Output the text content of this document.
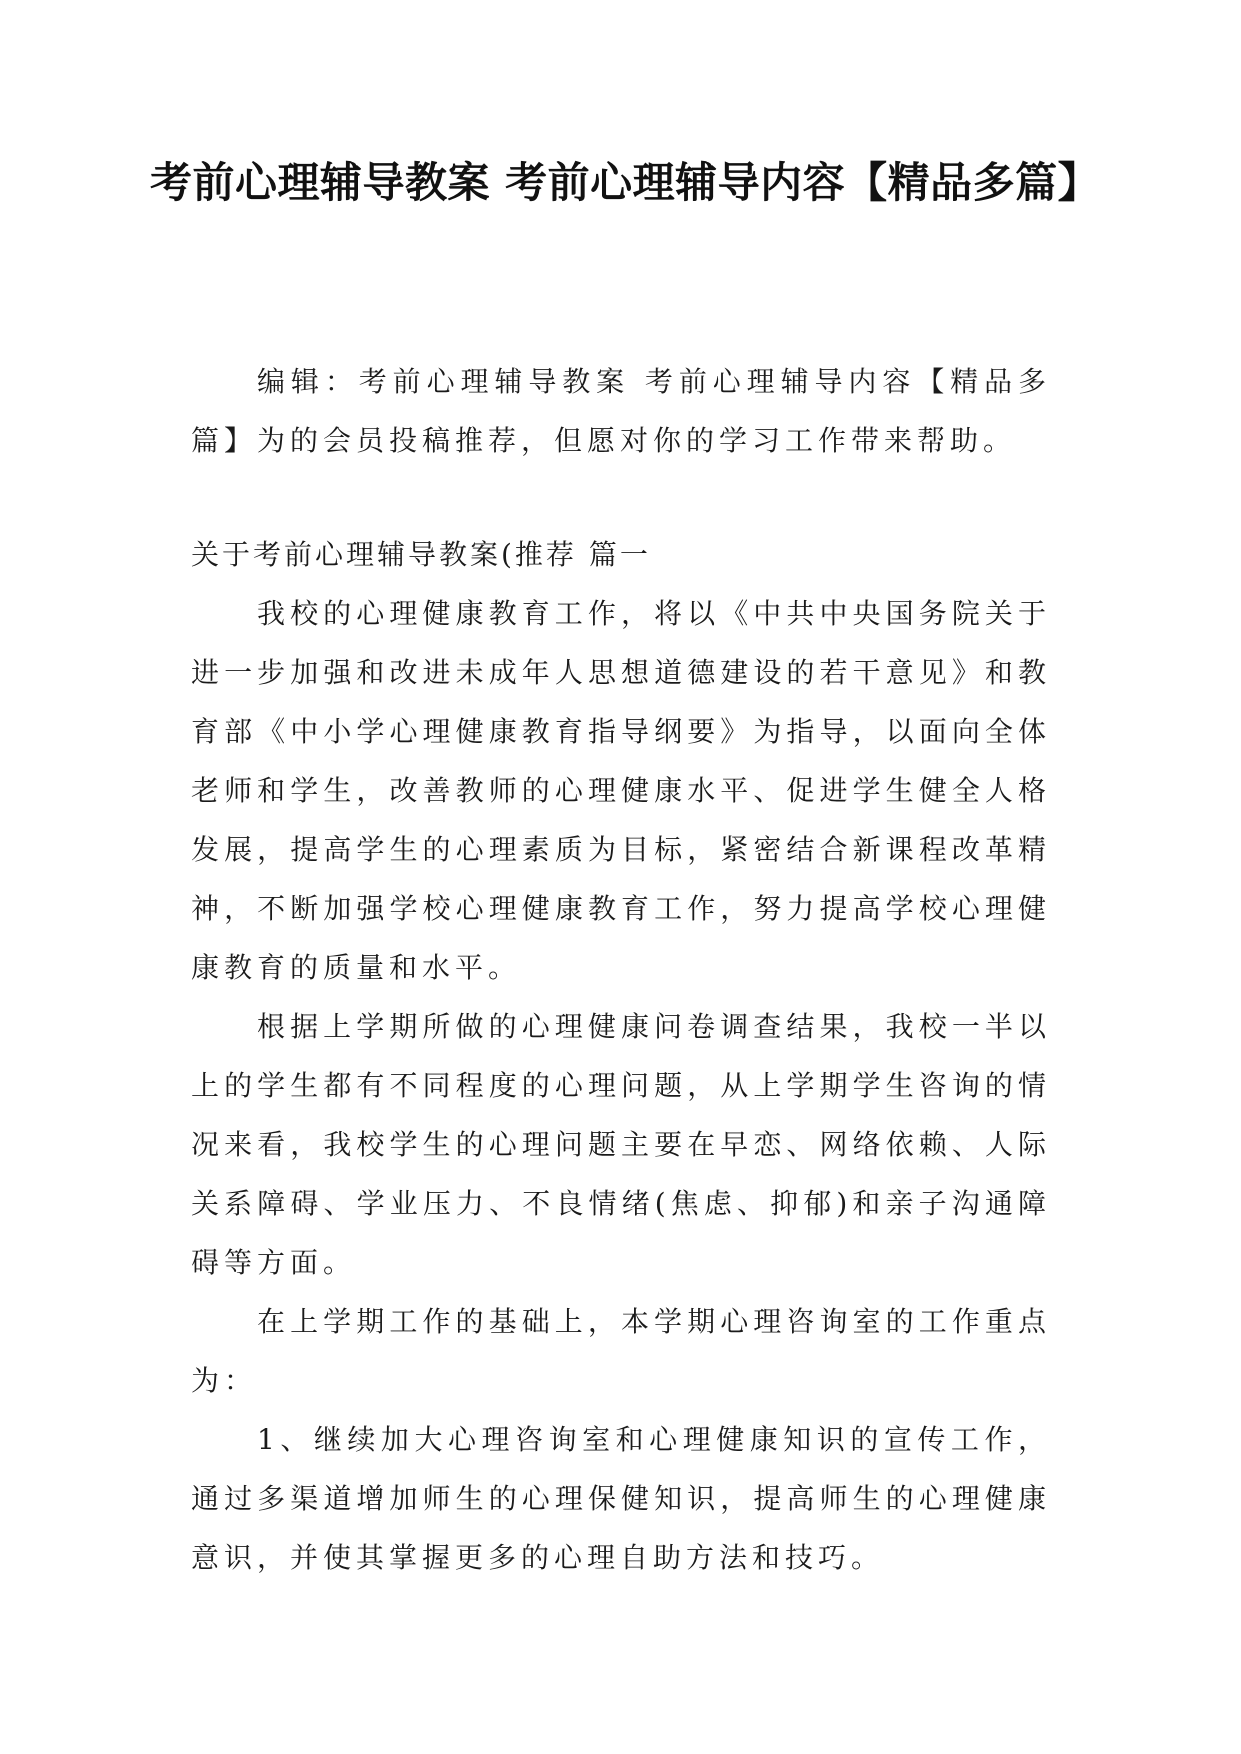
考前心理辅导教案 考前心理辅导内容【精品多篇】

编辑：考前心理辅导教案 考前心理辅导内容【精品多篇】为的会员投稿推荐，但愿对你的学习工作带来帮助。

关于考前心理辅导教案(推荐 篇一

我校的心理健康教育工作，将以《中共中央国务院关于进一步加强和改进未成年人思想道德建设的若干意见》和教育部《中小学心理健康教育指导纲要》为指导，以面向全体老师和学生，改善教师的心理健康水平、促进学生健全人格发展，提高学生的心理素质为目标，紧密结合新课程改革精神，不断加强学校心理健康教育工作，努力提高学校心理健康教育的质量和水平。

根据上学期所做的心理健康问卷调查结果，我校一半以上的学生都有不同程度的心理问题，从上学期学生咨询的情况来看，我校学生的心理问题主要在早恋、网络依赖、人际关系障碍、学业压力、不良情绪(焦虑、抑郁)和亲子沟通障碍等方面。

在上学期工作的基础上，本学期心理咨询室的工作重点为：

1、继续加大心理咨询室和心理健康知识的宣传工作，通过多渠道增加师生的心理保健知识，提高师生的心理健康意识，并使其掌握更多的心理自助方法和技巧。
